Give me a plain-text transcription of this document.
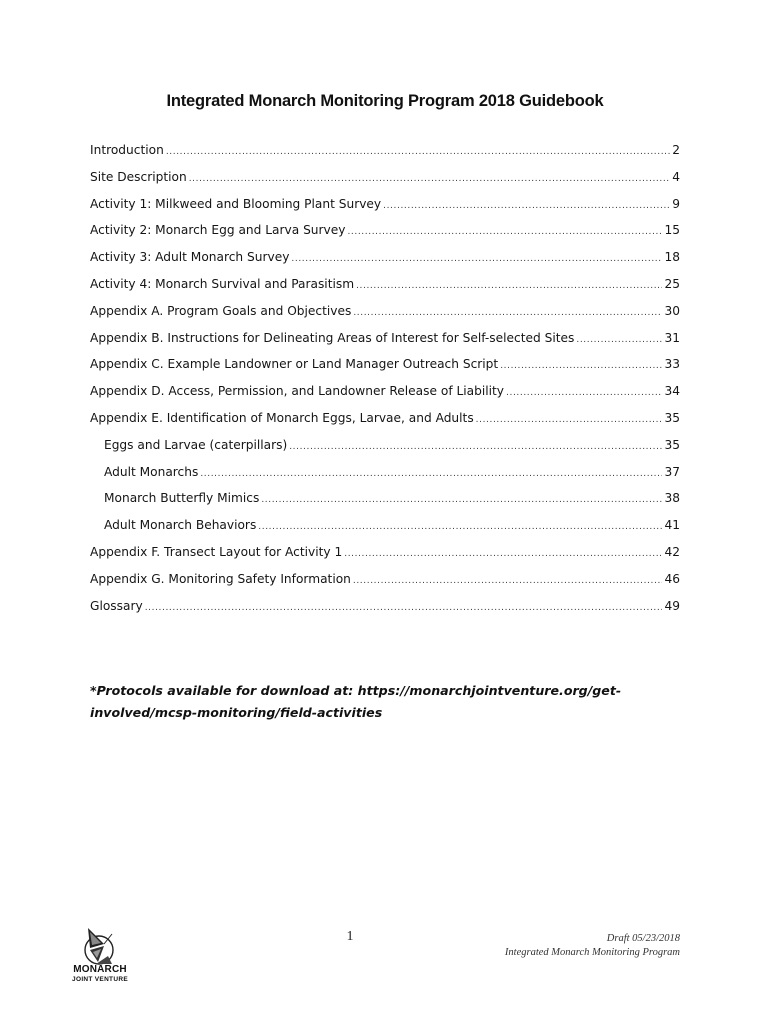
Integrated Monarch Monitoring Program 2018 Guidebook
Introduction .....	2
Site Description .....	4
Activity 1: Milkweed and Blooming Plant Survey .....	9
Activity 2: Monarch Egg and Larva Survey .....	15
Activity 3: Adult Monarch Survey .....	18
Activity 4: Monarch Survival and Parasitism .....	25
Appendix A. Program Goals and Objectives .....	30
Appendix B. Instructions for Delineating Areas of Interest for Self-selected Sites .....	31
Appendix C. Example Landowner or Land Manager Outreach Script .....	33
Appendix D. Access, Permission, and Landowner Release of Liability .....	34
Appendix E. Identification of Monarch Eggs, Larvae, and Adults .....	35
Eggs and Larvae (caterpillars) .....	35
Adult Monarchs .....	37
Monarch Butterfly Mimics .....	38
Adult Monarch Behaviors .....	41
Appendix F. Transect Layout for Activity 1 .....	42
Appendix G. Monitoring Safety Information .....	46
Glossary .....	49
*Protocols available for download at: https://monarchjointventure.org/get-involved/mcsp-monitoring/field-activities
MONARCH
JOINT VENTURE
1	Draft 05/23/2018
Integrated Monarch Monitoring Program
